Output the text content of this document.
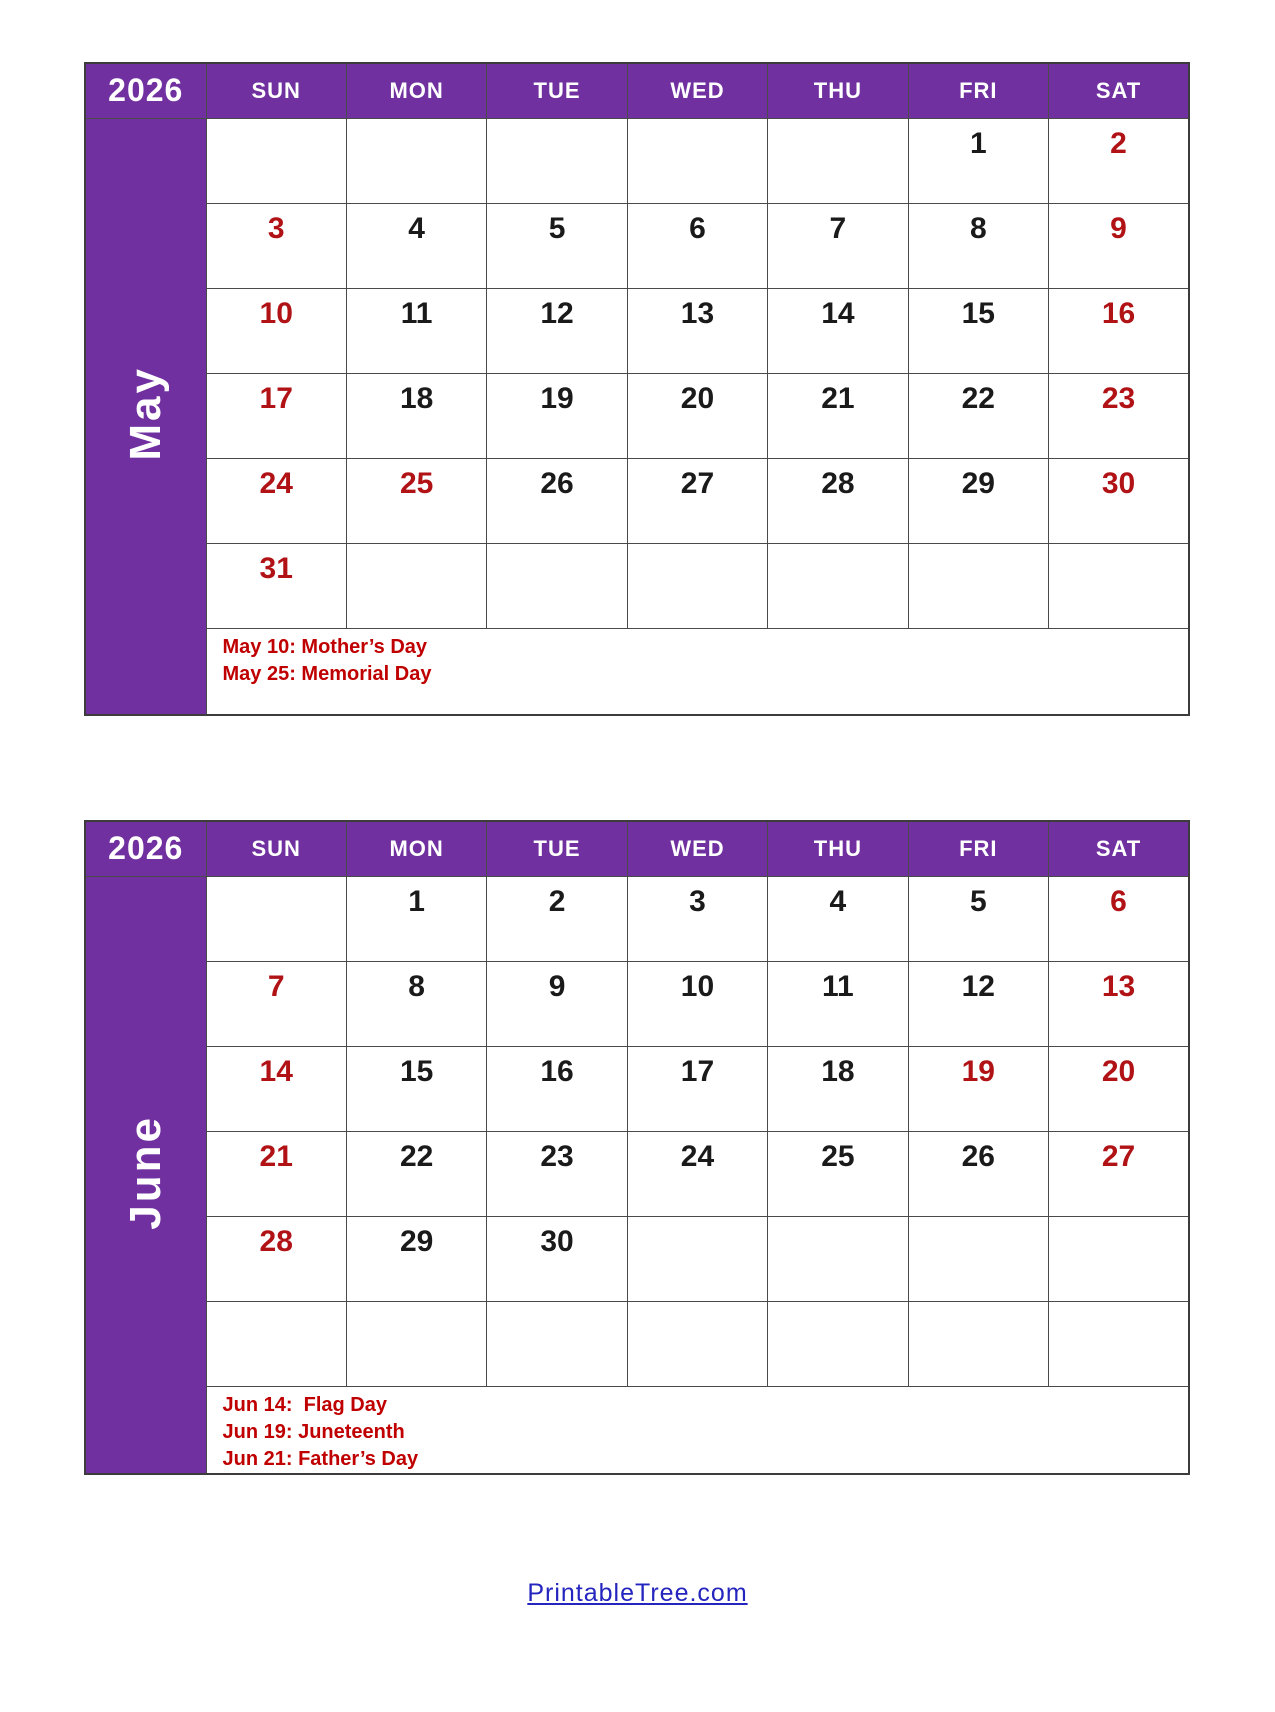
2026	SUN	MON	TUE	WED	THU	FRI	SAT
May						1	2
	3	4	5	6	7	8	9
	10	11	12	13	14	15	16
	17	18	19	20	21	22	23
	24	25	26	27	28	29	30
	31						

	May 10: Mother’s Day
May 25: Memorial Day						
2026	SUN	MON	TUE	WED	THU	FRI	SAT
June		1	2	3	4	5	6
	7	8	9	10	11	12	13
	14	15	16	17	18	19	20
	21	22	23	24	25	26	27
	28	29	30				

	Jun 14:  Flag Day
Jun 19: Juneteenth
Jun 21: Father’s Day						
PrintableTree.com
